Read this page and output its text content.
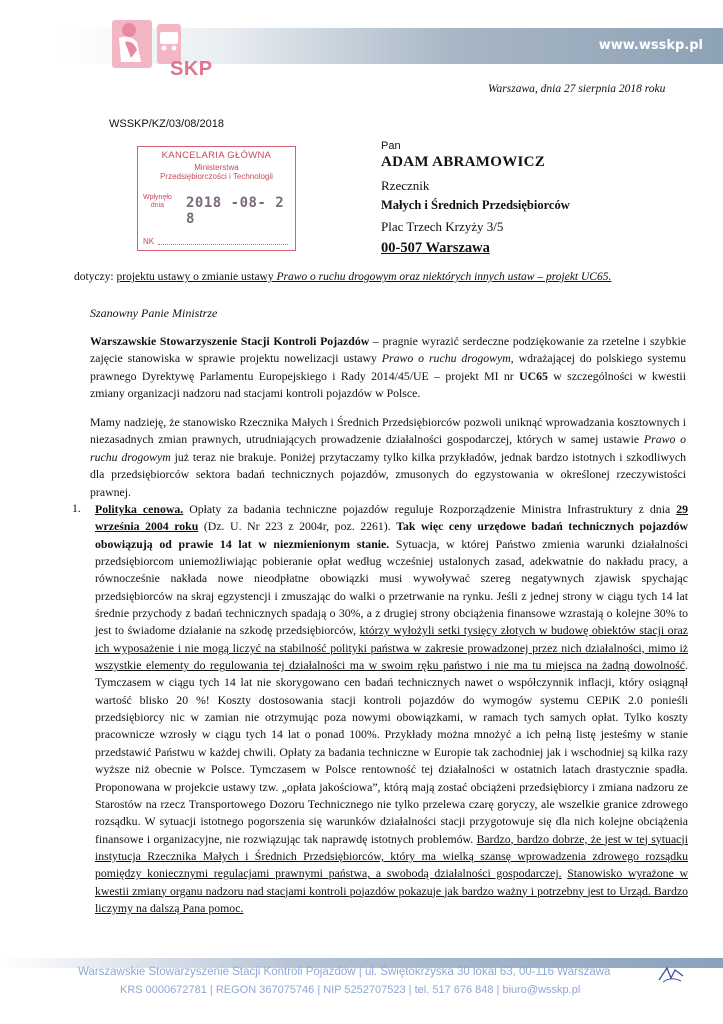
SKP
www.wsskp.pl
Warszawa, dnia 27 sierpnia 2018 roku
WSSKP/KZ/03/08/2018
KANCELARIA GŁÓWNA
Ministerstwa
Przedsiębiorczości i Technologii
Wpłynęło
dnia	2018 -08- 2 8
NK
Pan
ADAM ABRAMOWICZ
Rzecznik
Małych i Średnich Przedsiębiorców
Plac Trzech Krzyży 3/5
00-507 Warszawa
dotyczy: projektu ustawy o zmianie ustawy Prawo o ruchu drogowym oraz niektórych innych ustaw – projekt UC65.
Szanowny Panie Ministrze
Warszawskie Stowarzyszenie Stacji Kontroli Pojazdów – pragnie wyrazić serdeczne podziękowanie za rzetelne i szybkie zajęcie stanowiska w sprawie projektu nowelizacji ustawy Prawo o ruchu drogowym, wdrażającej do polskiego systemu prawnego Dyrektywę Parlamentu Europejskiego i Rady 2014/45/UE – projekt MI nr UC65 w szczególności w kwestii zmiany organizacji nadzoru nad stacjami kontroli pojazdów w Polsce.
Mamy nadzieję, że stanowisko Rzecznika Małych i Średnich Przedsiębiorców pozwoli uniknąć wprowadzania kosztownych i niezasadnych zmian prawnych, utrudniających prowadzenie działalności gospodarczej, których w samej ustawie Prawo o ruchu drogowym już teraz nie brakuje. Poniżej przytaczamy tylko kilka przykładów, jednak bardzo istotnych i szkodliwych dla przedsiębiorców sektora badań technicznych pojazdów, zmusonych do egzystowania w określonej rzeczywistości prawnej.
1. Polityka cenowa. Opłaty za badania techniczne pojazdów reguluje Rozporządzenie Ministra Infrastruktury z dnia 29 września 2004 roku (Dz. U. Nr 223 z 2004r, poz. 2261). Tak więc ceny urzędowe badań technicznych pojazdów obowiązują od prawie 14 lat w niezmienionym stanie. Sytuacja, w której Państwo zmienia warunki działalności przedsiębiorcom uniemożliwiając pobieranie opłat według wcześniej ustalonych zasad, adekwatnie do nakładu pracy, a równocześnie nakłada nowe nieodpłatne obowiązki musi wywoływać szereg negatywnych zjawisk spychając przedsiębiorców na skraj egzystencji i zmuszając do walki o przetrwanie na rynku. Jeśli z jednej strony w ciągu tych 14 lat średnie przychody z badań technicznych spadają o 30%, a z drugiej strony obciążenia finansowe wzrastają o kolejne 30% to jest to świadome działanie na szkodę przedsiębiorców, którzy wyłożyli setki tysięcy złotych w budowę obiektów stacji oraz ich wyposażenie i nie mogą liczyć na stabilność polityki państwa w zakresie prowadzonej przez nich działalności, mimo iż wszystkie elementy do regulowania tej działalności ma w swoim ręku państwo i nie ma tu miejsca na żadną dowolność. Tymczasem w ciągu tych 14 lat nie skorygowano cen badań technicznych nawet o współczynnik inflacji, który osiągnął wartość blisko 20 %! Koszty dostosowania stacji kontroli pojazdów do wymogów systemu CEPiK 2.0 ponieśli przedsiębiorcy nic w zamian nie otrzymując poza nowymi obowiązkami, w ramach tych samych opłat. Tylko koszty pracownicze wzrosły w ciągu tych 14 lat o ponad 100%. Przykłady można mnożyć a ich pełną listę jesteśmy w stanie przedstawić Państwu w każdej chwili. Opłaty za badania techniczne w Europie tak zachodniej jak i wschodniej są kilka razy wyższe niż obecnie w Polsce. Tymczasem w Polsce rentowność tej działalności w ostatnich latach drastycznie spadła. Proponowana w projekcie ustawy tzw. „opłata jakościowa”, którą mają zostać obciążeni przedsiębiorcy i zmiana nadzoru ze Starostów na rzecz Transportowego Dozoru Technicznego nie tylko przelewa czarę goryczy, ale wszelkie granice zdrowego rozsądku. W sytuacji istotnego pogorszenia się warunków działalności stacji przygotowuje się dla nich kolejne obciążenia finansowe i organizacyjne, nie rozwiązując tak naprawdę istotnych problemów. Bardzo, bardzo dobrze, że jest w tej sytuacji instytucja Rzecznika Małych i Średnich Przedsiębiorców, który ma wielką szansę wprowadzenia zdrowego rozsądku pomiędzy koniecznymi regulacjami prawnymi państwa, a swobodą działalności gospodarczej. Stanowisko wyrażone w kwestii zmiany organu nadzoru nad stacjami kontroli pojazdów pokazuje jak bardzo ważny i potrzebny jest to Urząd. Bardzo liczymy na dalszą Pana pomoc.
Warszawskie Stowarzyszenie Stacji Kontroli Pojazdów | ul. Świętokrzyska 30 lokal 63, 00-116 Warszawa
KRS 0000672781 | REGON 367075746 | NIP 5252707523 | tel. 517 676 848 | biuro@wsskp.pl
